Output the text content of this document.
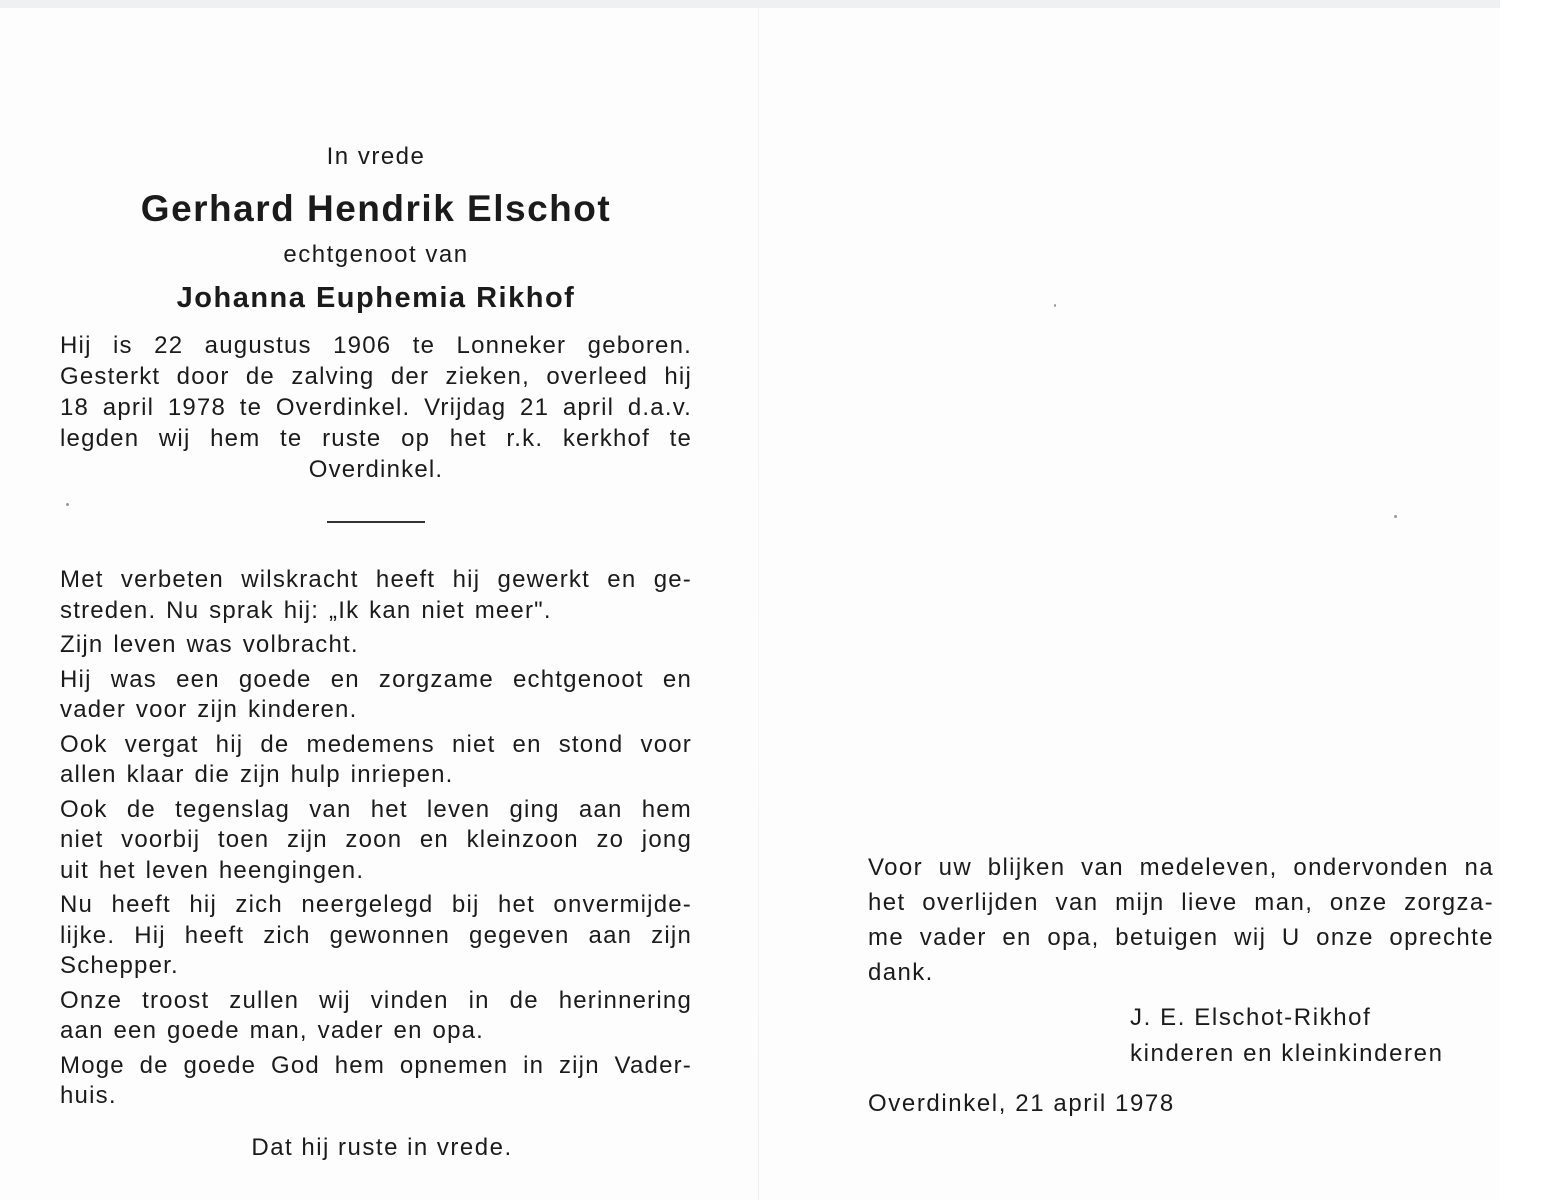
In vrede
Gerhard Hendrik Elschot
echtgenoot van
Johanna Euphemia Rikhof
Hij is 22 augustus 1906 te Lonneker geboren.
Gesterkt door de zalving der zieken, overleed hij
18 april 1978 te Overdinkel. Vrijdag 21 april d.a.v.
legden wij hem te ruste op het r.k. kerkhof te
Overdinkel.
Met verbeten wilskracht heeft hij gewerkt en ge-
streden. Nu sprak hij: „Ik kan niet meer".
Zijn leven was volbracht.
Hij was een goede en zorgzame echtgenoot en
vader voor zijn kinderen.
Ook vergat hij de medemens niet en stond voor
allen klaar die zijn hulp inriepen.
Ook de tegenslag van het leven ging aan hem
niet voorbij toen zijn zoon en kleinzoon zo jong
uit het leven heengingen.
Nu heeft hij zich neergelegd bij het onvermijde-
lijke. Hij heeft zich gewonnen gegeven aan zijn
Schepper.
Onze troost zullen wij vinden in de herinnering
aan een goede man, vader en opa.
Moge de goede God hem opnemen in zijn Vader-
huis.
Dat hij ruste in vrede.
Voor uw blijken van medeleven, ondervonden na
het overlijden van mijn lieve man, onze zorgza-
me vader en opa, betuigen wij U onze oprechte
dank.
J. E. Elschot-Rikhof
kinderen en kleinkinderen
Overdinkel, 21 april 1978
